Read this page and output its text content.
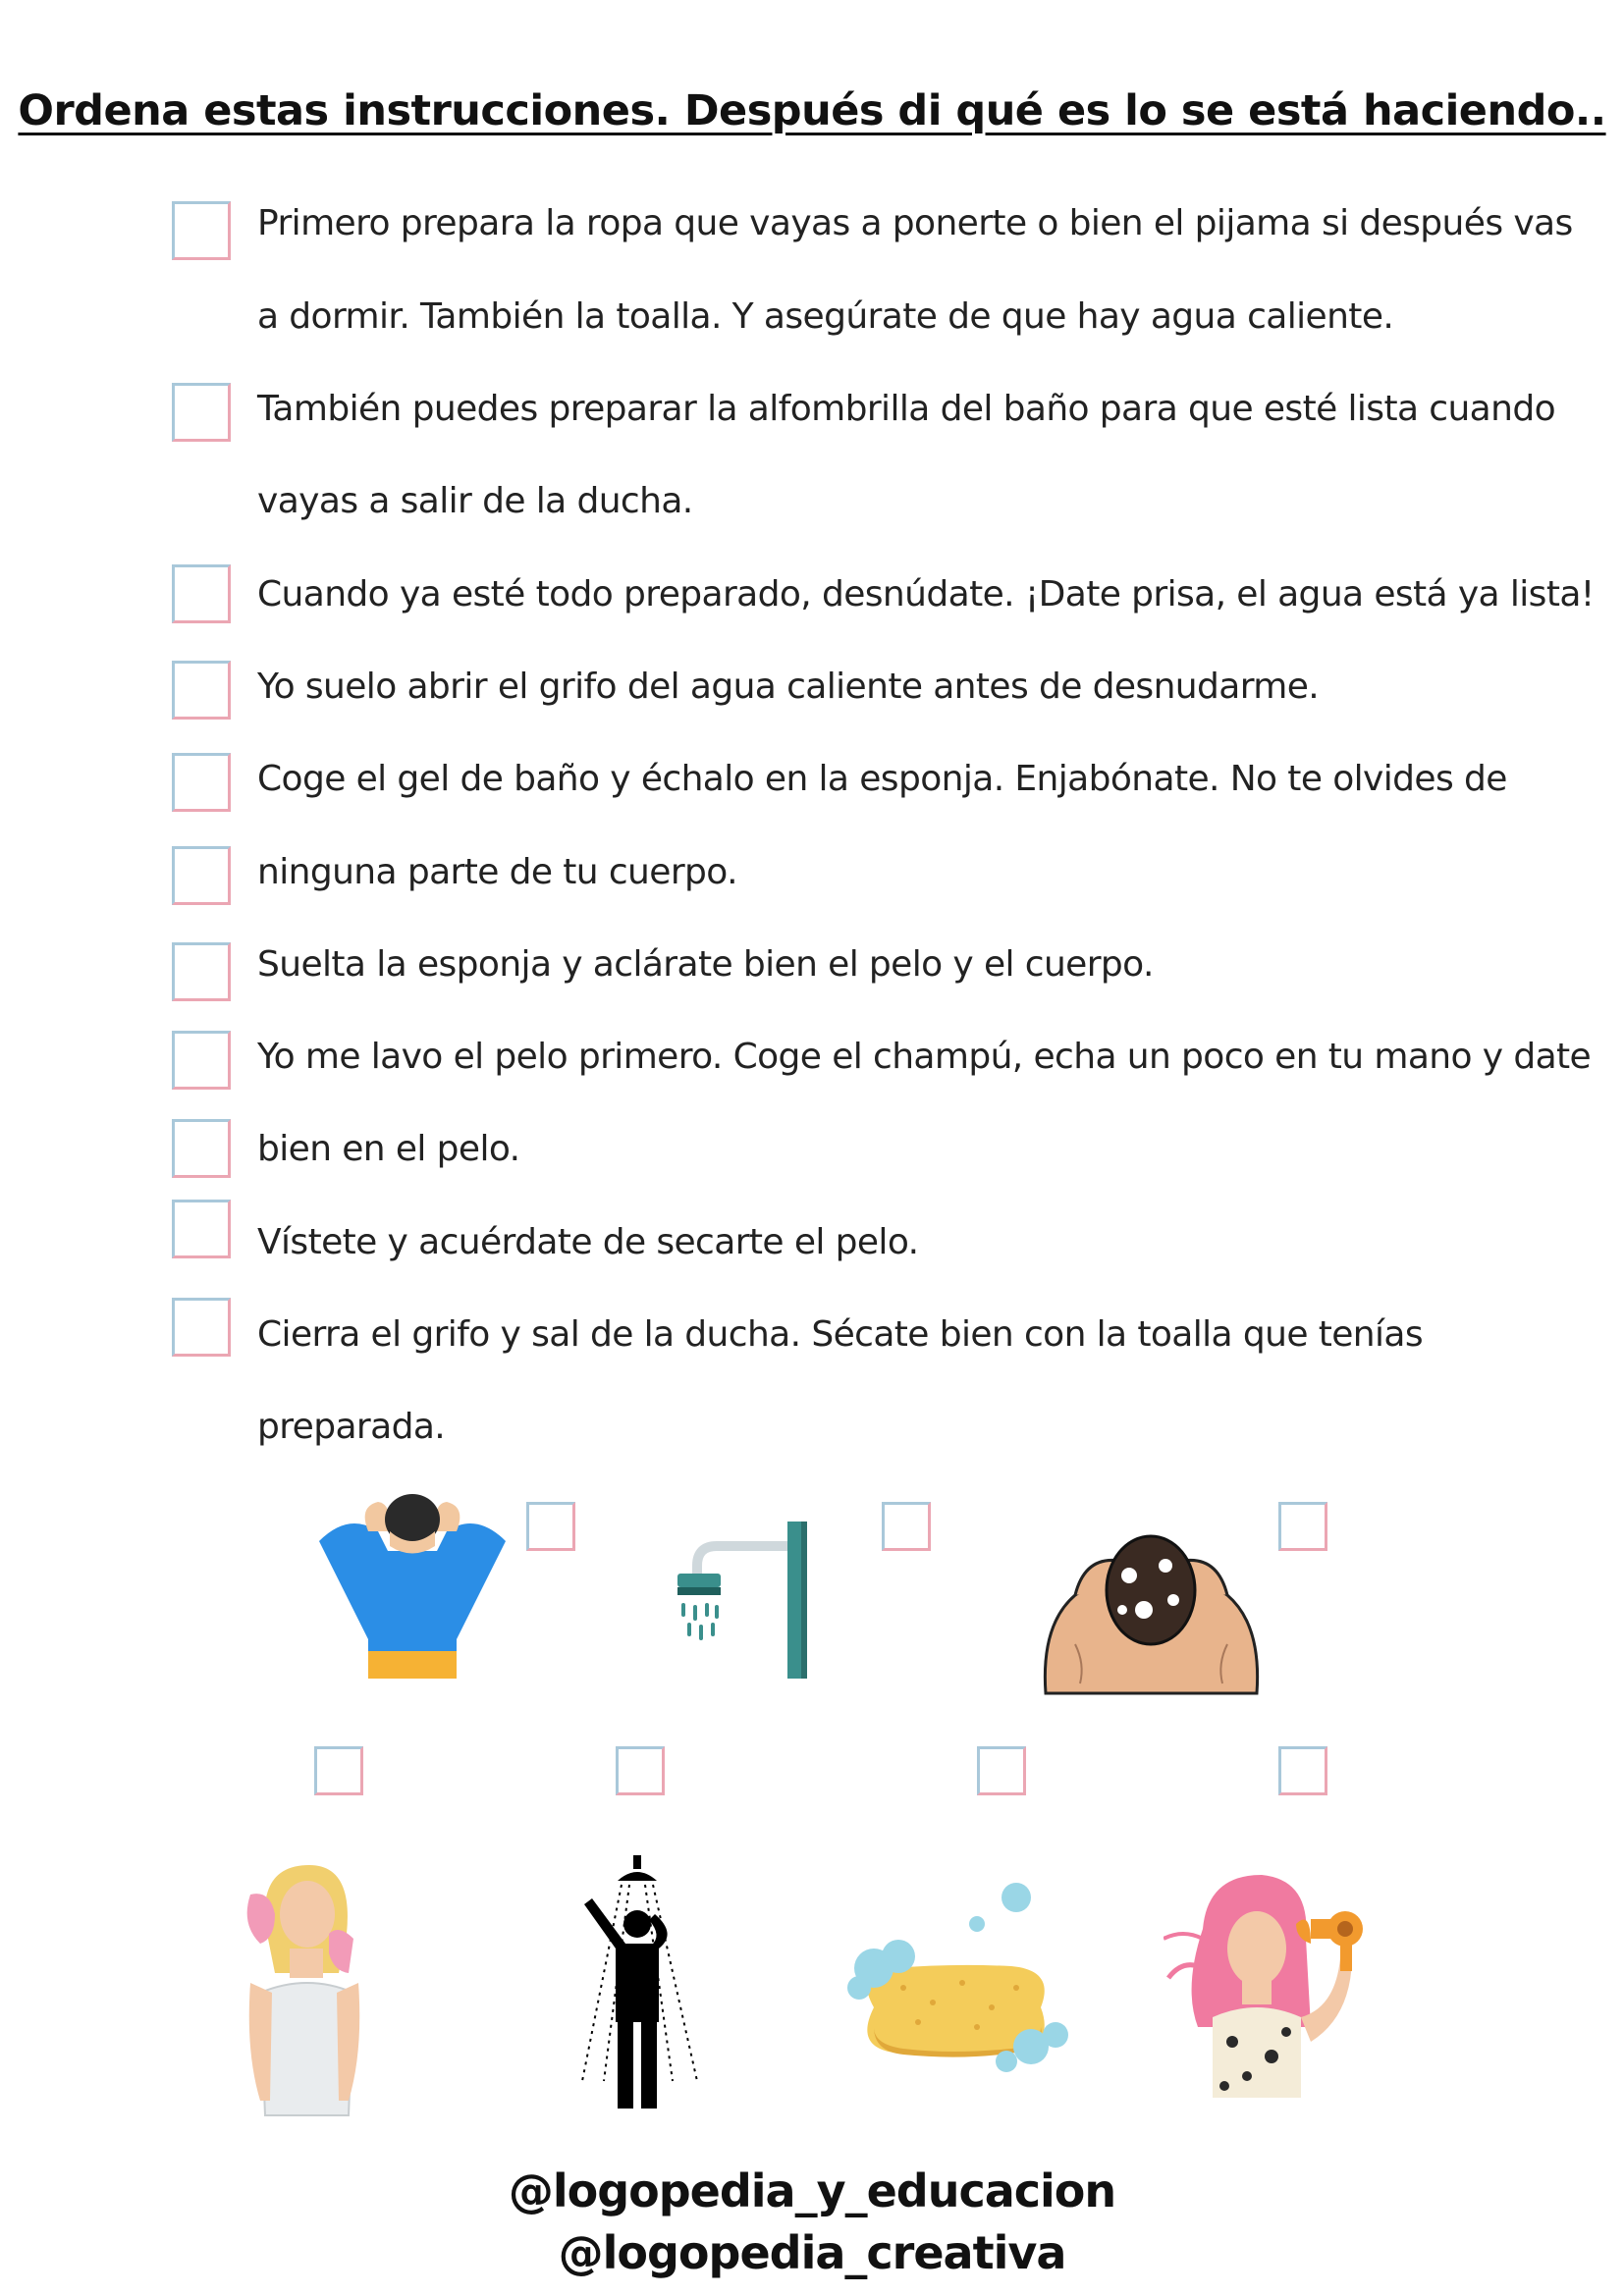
Ordena estas instrucciones. Después di qué es lo se está haciendo..
Primero prepara la ropa que vayas a ponerte o bien el pijama si después vas
a dormir. También la toalla. Y asegúrate de que hay agua caliente.
También puedes preparar la alfombrilla del baño para que esté lista cuando
vayas a salir de la ducha.
Cuando ya esté todo preparado, desnúdate. ¡Date prisa, el agua está ya lista!
Yo suelo abrir el grifo del agua caliente antes de desnudarme.
Coge el gel de baño y échalo en la esponja. Enjabónate. No te olvides de
ninguna parte de tu cuerpo.
Suelta la esponja y aclárate bien el pelo y el cuerpo.
Yo me lavo el pelo primero. Coge el champú, echa un poco en tu mano y date
bien en el pelo.
Vístete y acuérdate de secarte el pelo.
Cierra el grifo y sal de la ducha. Sécate bien con la toalla que tenías
preparada.
@logopedia_y_educacion
@logopedia_creativa
